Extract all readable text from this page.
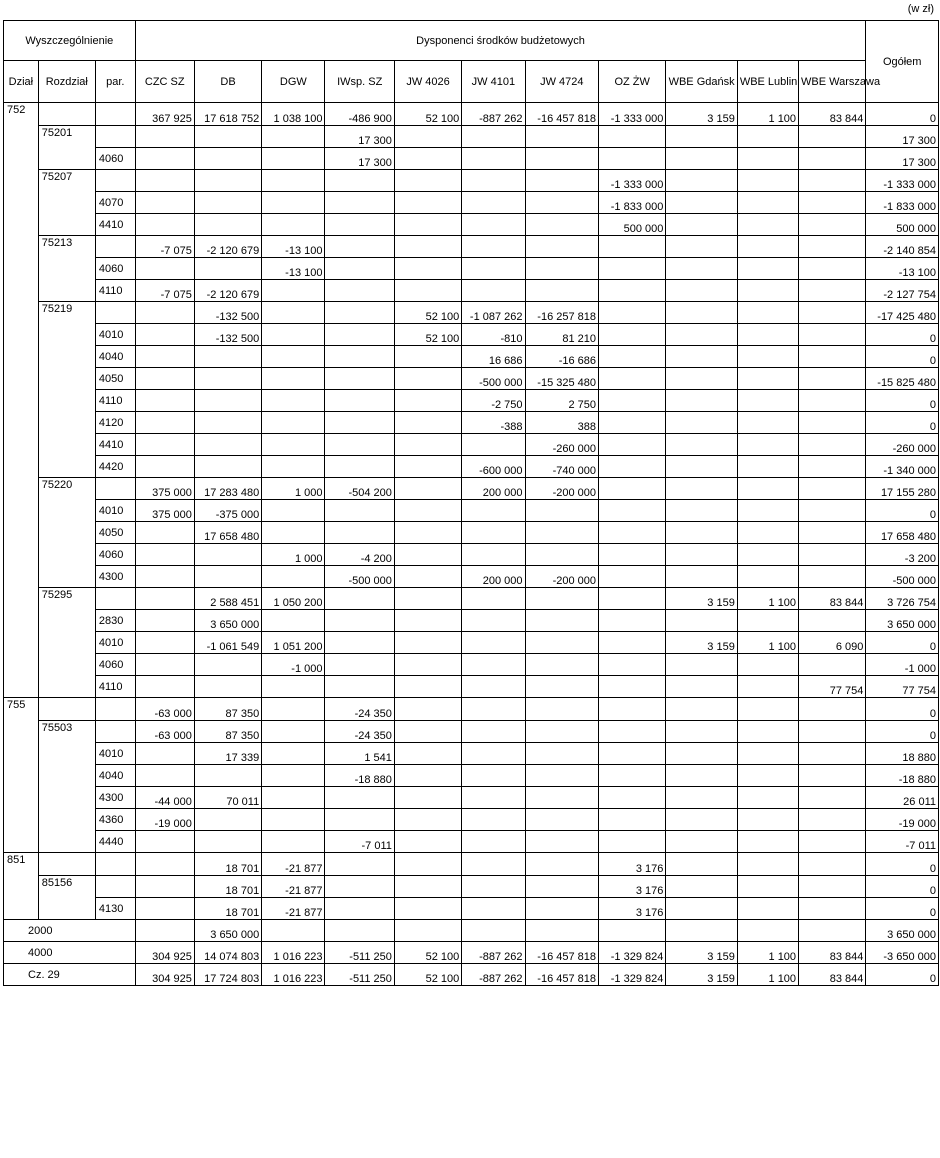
(w zł)
Wyszczególnienie			Dysponenci środków budżetowych											Ogółem
Dział	Rozdział	par.	CZC SZ	DB	DGW	IWsp. SZ	JW 4026	JW 4101	JW 4724	OZ ŻW	WBE Gdańsk	WBE Lublin	WBE Warszawa	
752			367 925	17 618 752	1 038 100	-486 900	52 100	-887 262	-16 457 818	-1 333 000	3 159	1 100	83 844	0
	75201					17 300								17 300
		4060				17 300								17 300
	75207									-1 333 000				-1 333 000
		4070								-1 833 000				-1 833 000
		4410								500 000				500 000
	75213		-7 075	-2 120 679	-13 100									-2 140 854
		4060			-13 100									-13 100
		4110	-7 075	-2 120 679										-2 127 754
	75219			-132 500			52 100	-1 087 262	-16 257 818					-17 425 480
		4010		-132 500			52 100	-810	81 210					0
		4040						16 686	-16 686					0
		4050						-500 000	-15 325 480					-15 825 480
		4110						-2 750	2 750					0
		4120						-388	388					0
		4410							-260 000					-260 000
		4420						-600 000	-740 000					-1 340 000
	75220		375 000	17 283 480	1 000	-504 200		200 000	-200 000					17 155 280
		4010	375 000	-375 000										0
		4050		17 658 480										17 658 480
		4060			1 000	-4 200								-3 200
		4300				-500 000		200 000	-200 000					-500 000
	75295			2 588 451	1 050 200						3 159	1 100	83 844	3 726 754
		2830		3 650 000										3 650 000
		4010		-1 061 549	1 051 200						3 159	1 100	6 090	0
		4060			-1 000									-1 000
		4110											77 754	77 754
755			-63 000	87 350		-24 350								0
	75503		-63 000	87 350		-24 350								0
		4010		17 339		1 541								18 880
		4040				-18 880								-18 880
		4300	-44 000	70 011										26 011
		4360	-19 000											-19 000
		4440				-7 011								-7 011
851				18 701	-21 877					3 176				0
	85156			18 701	-21 877					3 176				0
		4130		18 701	-21 877					3 176				0
2000				3 650 000										3 650 000
4000			304 925	14 074 803	1 016 223	-511 250	52 100	-887 262	-16 457 818	-1 329 824	3 159	1 100	83 844	-3 650 000
Cz. 29			304 925	17 724 803	1 016 223	-511 250	52 100	-887 262	-16 457 818	-1 329 824	3 159	1 100	83 844	0
